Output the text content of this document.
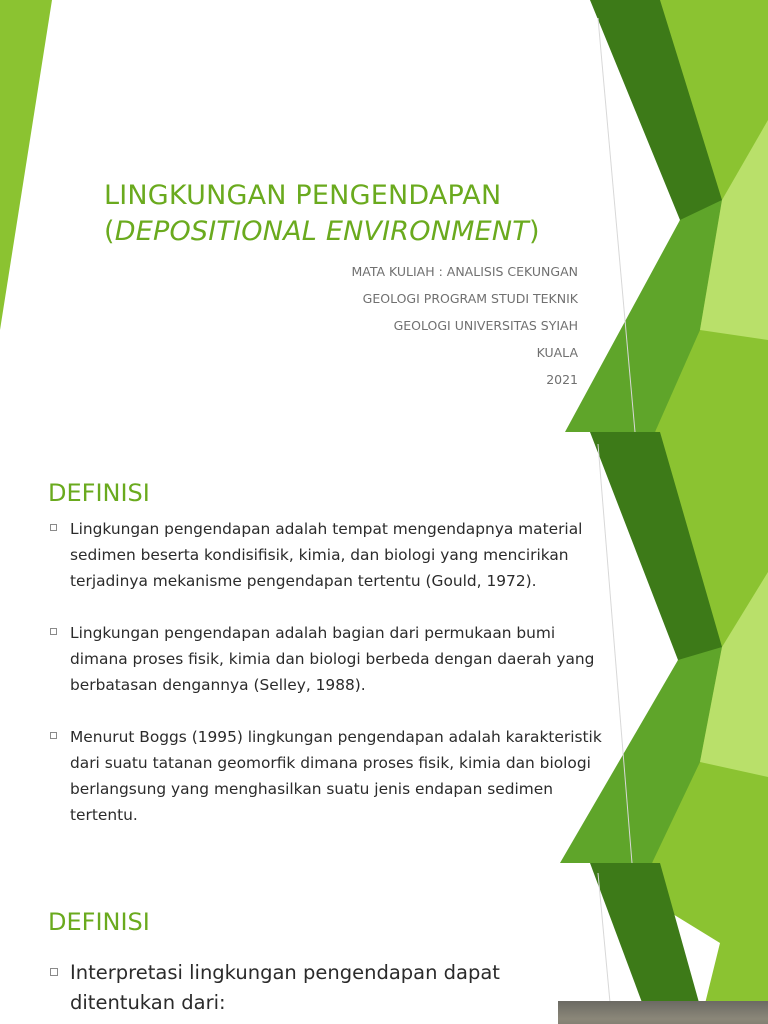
LINGKUNGAN PENGENDAPAN
(DEPOSITIONAL ENVIRONMENT)
MATA KULIAH : ANALISIS CEKUNGAN
GEOLOGI PROGRAM STUDI TEKNIK
GEOLOGI UNIVERSITAS SYIAH
KUALA
2021
DEFINISI
Lingkungan pengendapan adalah tempat mengendapnya material sedimen beserta kondisifisik, kimia, dan biologi yang mencirikan terjadinya mekanisme pengendapan tertentu (Gould, 1972).
Lingkungan pengendapan adalah bagian dari permukaan bumi dimana proses fisik, kimia dan biologi berbeda dengan daerah yang berbatasan dengannya (Selley, 1988).
Menurut Boggs (1995) lingkungan pengendapan adalah karakteristik dari suatu tatanan geomorfik dimana proses fisik, kimia dan biologi berlangsung yang menghasilkan suatu jenis endapan sedimen tertentu.
DEFINISI
Interpretasi lingkungan pengendapan dapat ditentukan dari:
